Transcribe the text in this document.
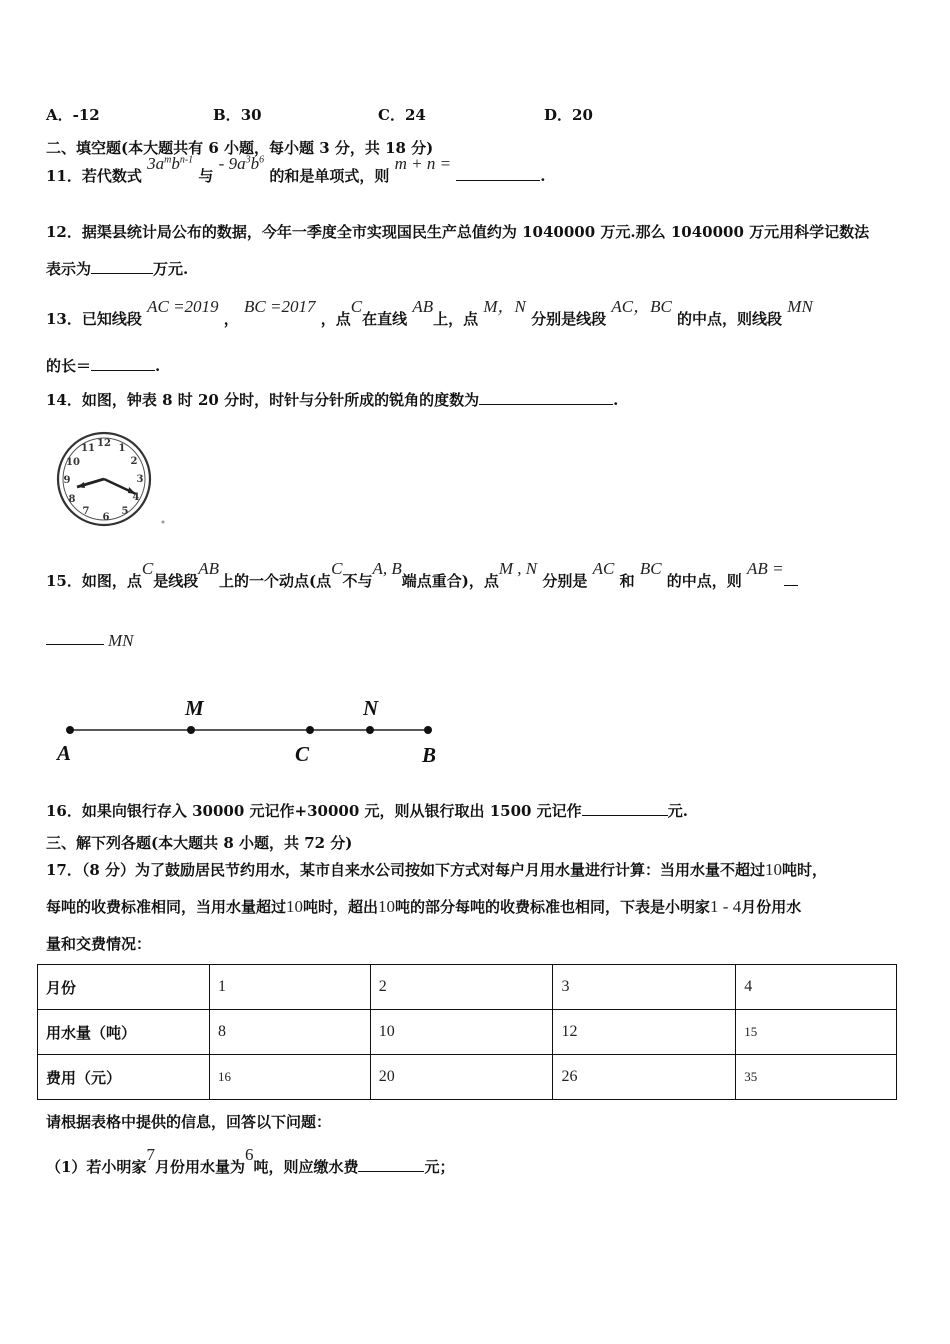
A．-12	B．30	C．24	D．20
二、填空题(本大题共有 6 小题，每小题 3 分，共 18 分)
11．若代数式 $3a^mb^{n-1}$ 与 - $9a^3b^6$ 的和是单项式，则 m + n = .
12．据渠县统计局公布的数据，今年一季度全市实现国民生产总值约为 1040000 万元.那么 1040000 万元用科学记数法
表示为	万元.
13．已知线段 AC =2019 ， BC =2017 ，点C在直线 AB上，点 M，N 分别是线段 AC，BC 的中点，则线段 MN
的长＝	.
14．如图，钟表 8 时 20 分时，时针与分针所成的锐角的度数为	.
12 1
2
3
4
5
6
7
8
9
10
11
15．如图，点C是线段AB上的一个动点(点C不与A, B端点重合)，点M , N 分别是 AC 和 BC 的中点，则 AB =
MN
A
M
C
N
B
16．如果向银行存入 30000 元记作+30000 元，则从银行取出 1500 元记作	元.
三、解下列各题(本大题共 8 小题，共 72 分)
17．（8 分）为了鼓励居民节约用水，某市自来水公司按如下方式对每户月用水量进行计算：当用水量不超过10吨时，
每吨的收费标准相同，当用水量超过10吨时，超出10吨的部分每吨的收费标准也相同，下表是小明家1 - 4月份用水
量和交费情况：
月份	1	2	3	4
用水量（吨）	8	10	12	15
费用（元）	16	20	26	35
请根据表格中提供的信息，回答以下问题：
（1）若小明家7月份用水量为6吨，则应缴水费	元；
